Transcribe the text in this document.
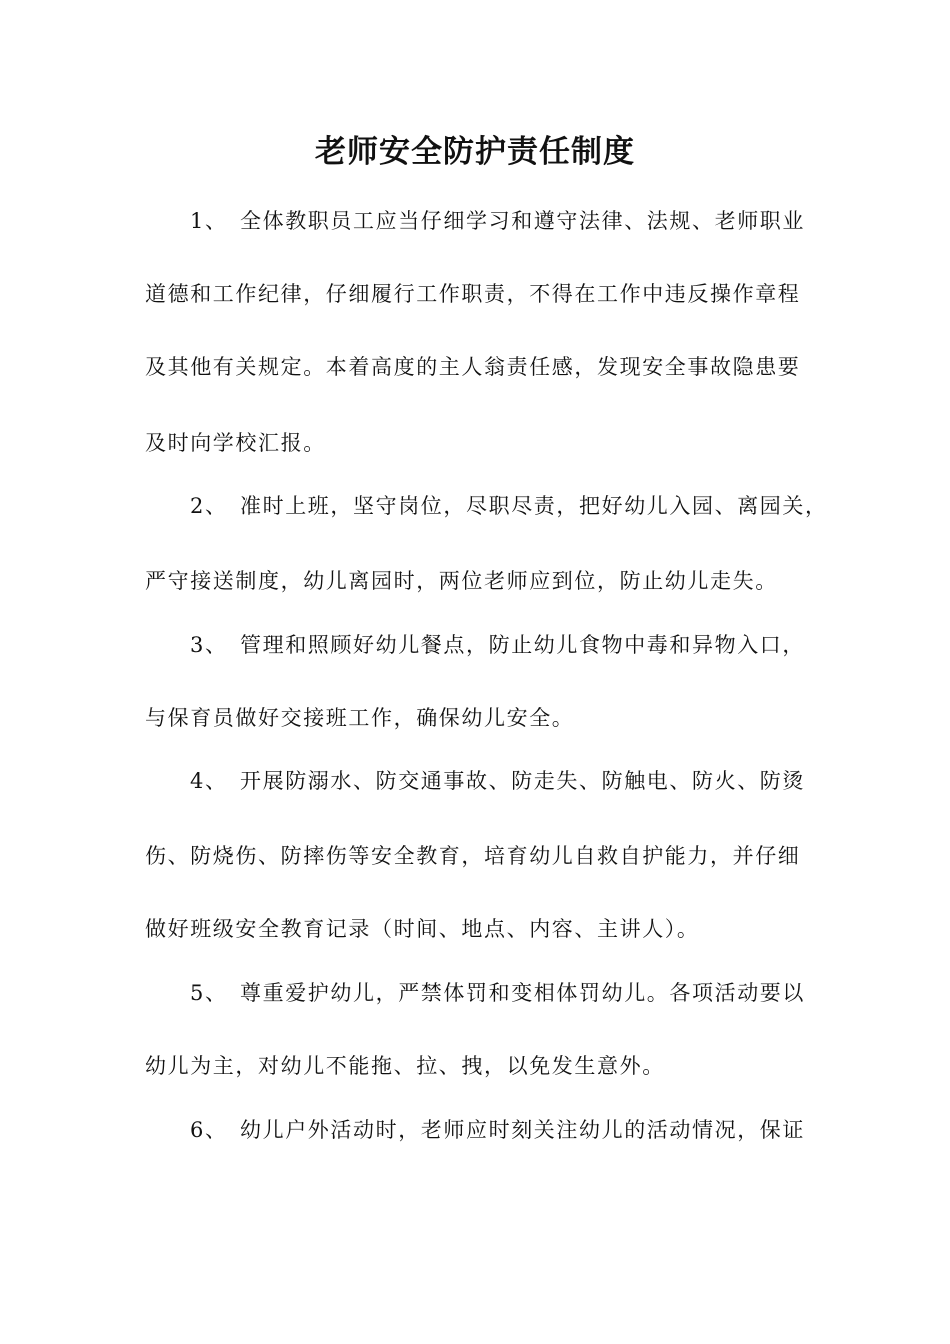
老师安全防护责任制度
1、 全体教职员工应当仔细学习和遵守法律、法规、老师职业
道德和工作纪律，仔细履行工作职责，不得在工作中违反操作章程
及其他有关规定。本着高度的主人翁责任感，发现安全事故隐患要
及时向学校汇报。
2、 准时上班，坚守岗位，尽职尽责，把好幼儿入园、离园关，
严守接送制度，幼儿离园时，两位老师应到位，防止幼儿走失。
3、 管理和照顾好幼儿餐点，防止幼儿食物中毒和异物入口，
与保育员做好交接班工作，确保幼儿安全。
4、 开展防溺水、防交通事故、防走失、防触电、防火、防烫
伤、防烧伤、防摔伤等安全教育，培育幼儿自救自护能力，并仔细
做好班级安全教育记录（时间、地点、内容、主讲人）。
5、 尊重爱护幼儿，严禁体罚和变相体罚幼儿。各项活动要以
幼儿为主，对幼儿不能拖、拉、拽，以免发生意外。
6、 幼儿户外活动时，老师应时刻关注幼儿的活动情况，保证
